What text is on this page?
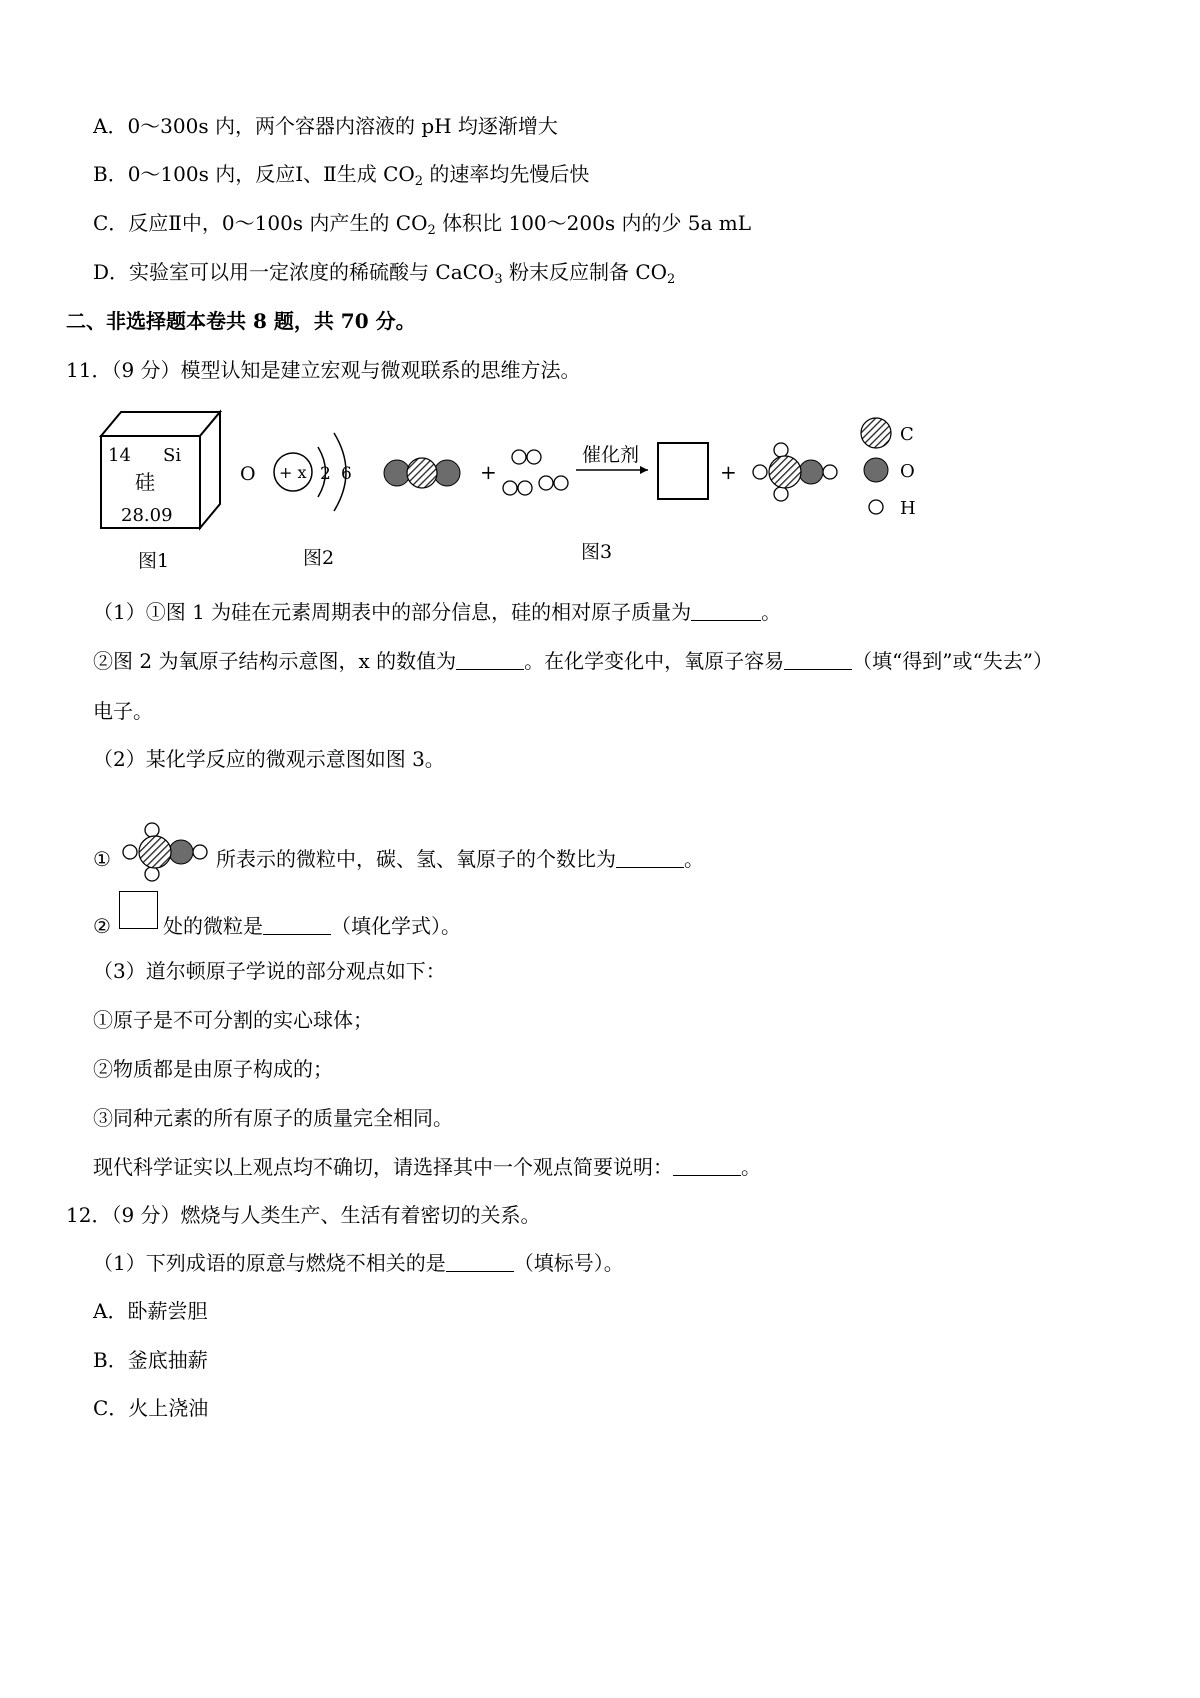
A．0～300s 内，两个容器内溶液的 pH 均逐渐增大
B．0～100s 内，反应Ⅰ、Ⅱ生成 $CO_2$ 的速率均先慢后快
C．反应Ⅱ中，0～100s 内产生的 $CO_2$ 体积比 100～200s 内的少 5a mL
D．实验室可以用一定浓度的稀硫酸与 CaCO$_3$ 粉末反应制备 $CO_2$
二、非选择题本卷共 8 题，共 70 分。
11．（9 分）模型认知是建立宏观与微观联系的思维方法。
14 Si
硅
28.09
O + x 2 6	+
催化剂
+
C
O
H
图1	图2	图3
（1）①图 1 为硅在元素周期表中的部分信息，硅的相对原子质量为	。
②图 2 为氧原子结构示意图，x 的数值为	。在化学变化中，氧原子容易	（填“得到”或“失去”）
电子。
（2）某化学反应的微观示意图如图 3。
①	所表示的微粒中，碳、氢、氧原子的个数比为	。
②	处的微粒是	（填化学式）。
（3）道尔顿原子学说的部分观点如下：
①原子是不可分割的实心球体；
②物质都是由原子构成的；
③同种元素的所有原子的质量完全相同。
现代科学证实以上观点均不确切，请选择其中一个观点简要说明：	。
12．（9 分）燃烧与人类生产、生活有着密切的关系。
（1）下列成语的原意与燃烧不相关的是	（填标号）。
A．卧薪尝胆
B．釜底抽薪
C．火上浇油
